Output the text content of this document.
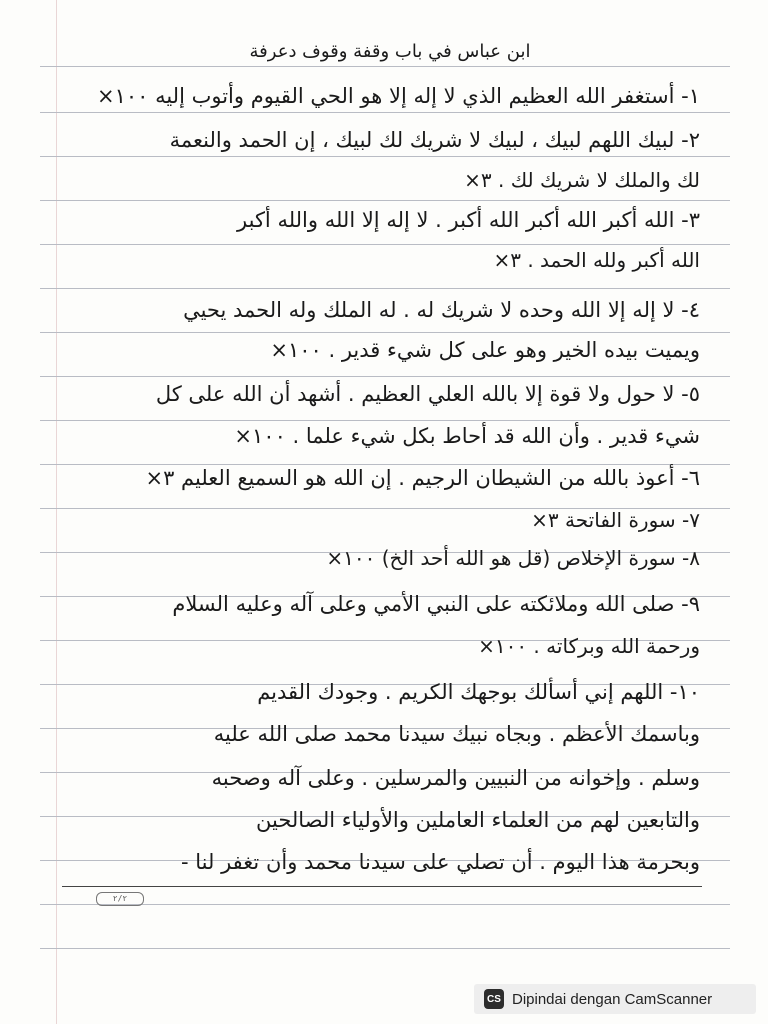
ابن عباس في باب وقفة وقوف دعرفة
١- أستغفر الله العظيم الذي لا إله إلا هو الحي القيوم وأتوب إليه ١٠٠×
٢- لبيك اللهم لبيك ، لبيك لا شريك لك لبيك ، إن الحمد والنعمة
لك والملك لا شريك لك . ٣×
٣- الله أكبر الله أكبر الله أكبر . لا إله إلا الله والله أكبر
الله أكبر ولله الحمد . ٣×
٤- لا إله إلا الله وحده لا شريك له . له الملك وله الحمد يحيي
ويميت بيده الخير وهو على كل شيء قدير . ١٠٠×
٥- لا حول ولا قوة إلا بالله العلي العظيم . أشهد أن الله على كل
شيء قدير . وأن الله قد أحاط بكل شيء علما . ١٠٠×
٦- أعوذ بالله من الشيطان الرجيم . إن الله هو السميع العليم ٣×
٧- سورة الفاتحة ٣×
٨- سورة الإخلاص (قل هو الله أحد الخ) ١٠٠×
٩- صلى الله وملائكته على النبي الأمي وعلى آله وعليه السلام
ورحمة الله وبركاته . ١٠٠×
١٠- اللهم إني أسألك بوجهك الكريم . وجودك القديم
وباسمك الأعظم . وبجاه نبيك سيدنا محمد صلى الله عليه
وسلم . وإخوانه من النبيين والمرسلين . وعلى آله وصحبه
والتابعين لهم من العلماء العاملين والأولياء الصالحين
وبحرمة هذا اليوم . أن تصلي على سيدنا محمد وأن تغفر لنا -
٢/٢
CS Dipindai dengan CamScanner
